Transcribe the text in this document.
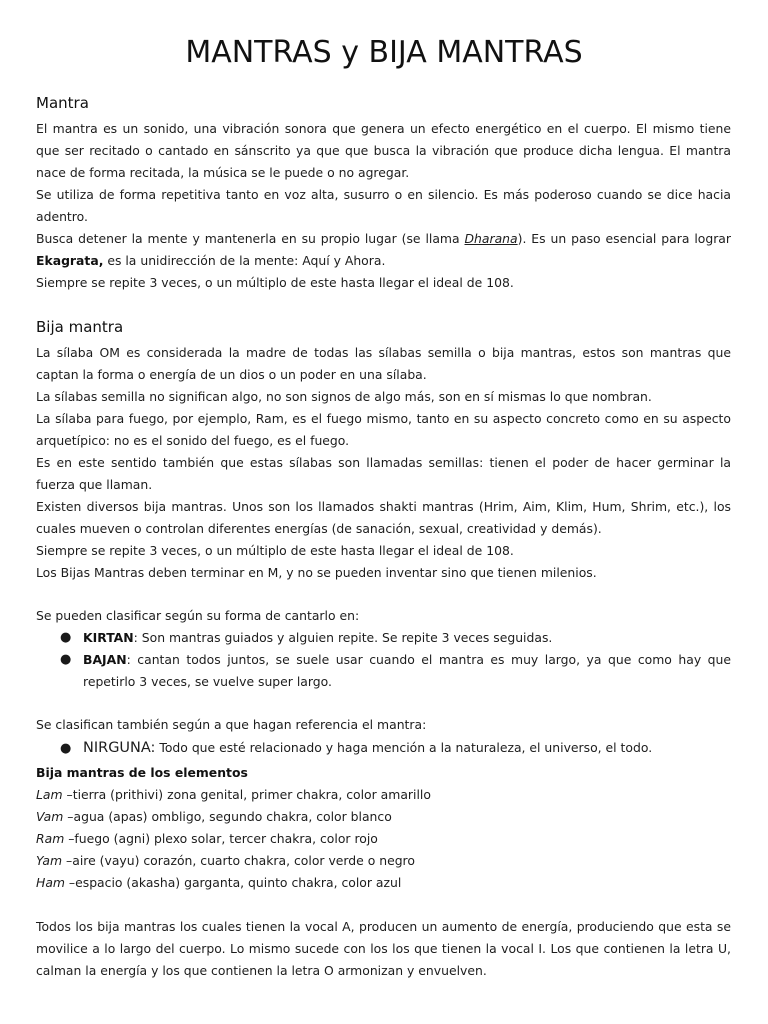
MANTRAS y BIJA MANTRAS
Mantra

El mantra es un sonido, una vibración sonora que genera un efecto energético en el cuerpo. El mismo tiene que ser recitado o cantado en sánscrito ya que que busca la vibración que produce dicha lengua. El mantra nace de forma recitada, la música se le puede o no agregar.

Se utiliza de forma repetitiva tanto en voz alta, susurro o en silencio. Es más poderoso cuando se dice hacia adentro.

Busca detener la mente y mantenerla en su propio lugar (se llama Dharana). Es un paso esencial para lograr Ekagrata, es la unidirección de la mente: Aquí y Ahora.

Siempre se repite 3 veces, o un múltiplo de este hasta llegar el ideal de 108.

Bija mantra

La sílaba OM es considerada la madre de todas las sílabas semilla o bija mantras, estos son mantras que captan la forma o energía de un dios o un poder en una sílaba.

La sílabas semilla no significan algo, no son signos de algo más, son en sí mismas lo que nombran.

La sílaba para fuego, por ejemplo, Ram, es el fuego mismo, tanto en su aspecto concreto como en su aspecto arquetípico: no es el sonido del fuego, es el fuego.

Es en este sentido también que estas sílabas son llamadas semillas: tienen el poder de hacer germinar la fuerza que llaman.

Existen diversos bija mantras. Unos son los llamados shakti mantras (Hrim, Aim, Klim, Hum, Shrim, etc.), los cuales mueven o controlan diferentes energías (de sanación, sexual, creatividad y demás).

Siempre se repite 3 veces, o un múltiplo de este hasta llegar el ideal de 108.

Los Bijas Mantras deben terminar en M, y no se pueden inventar sino que tienen milenios.

Se pueden clasificar según su forma de cantarlo en:

● KIRTAN: Son mantras guiados y alguien repite. Se repite 3 veces seguidas.

● BAJAN: cantan todos juntos, se suele usar cuando el mantra es muy largo, ya que como hay que repetirlo 3 veces, se vuelve super largo.

Se clasifican también según a que hagan referencia el mantra:

● NIRGUNA: Todo que esté relacionado y haga mención a la naturaleza, el universo, el todo.

Bija mantras de los elementos

Lam –tierra (prithivi) zona genital, primer chakra, color amarillo

Vam –agua (apas) ombligo, segundo chakra, color blanco

Ram –fuego (agni) plexo solar, tercer chakra, color rojo

Yam –aire (vayu) corazón, cuarto chakra, color verde o negro

Ham –espacio (akasha) garganta, quinto chakra, color azul

Todos los bija mantras los cuales tienen la vocal A, producen un aumento de energía, produciendo que esta se movilice a lo largo del cuerpo. Lo mismo sucede con los los que tienen la vocal I. Los que contienen la letra U, calman la energía y los que contienen la letra O armonizan y envuelven.
